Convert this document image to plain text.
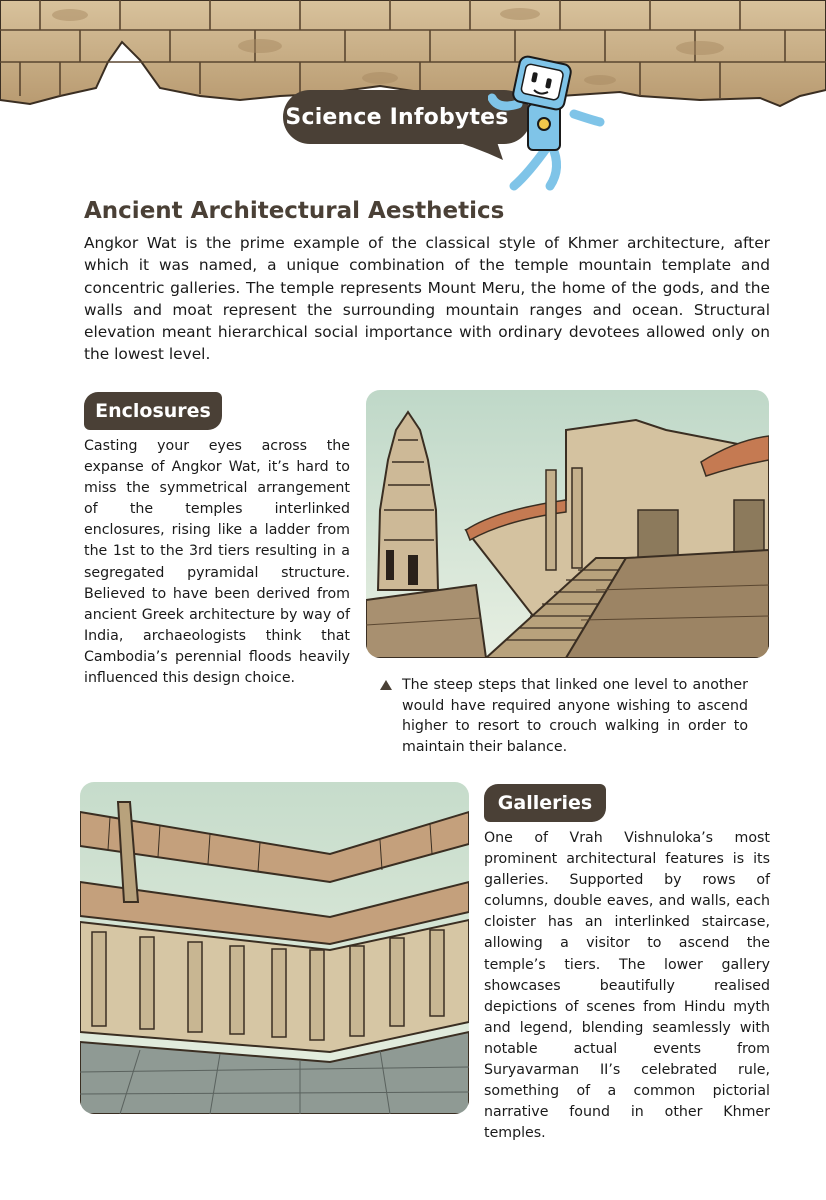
Science Infobytes
Ancient Architectural Aesthetics

Angkor Wat is the prime example of the classical style of Khmer architecture, after which it was named, a unique combination of the temple mountain template and concentric galleries. The temple represents Mount Meru, the home of the gods, and the walls and moat represent the surrounding mountain ranges and ocean. Structural elevation meant hierarchical social importance with ordinary devotees allowed only on the lowest level.

Enclosures

Casting your eyes across the expanse of Angkor Wat, it’s hard to miss the symmetrical arrangement of the temples interlinked enclosures, rising like a ladder from the 1st to the 3rd tiers resulting in a segregated pyramidal structure. Believed to have been derived from ancient Greek architecture by way of India, archaeologists think that Cambodia’s perennial floods heavily influenced this design choice.	The steep steps that linked one level to another would have required anyone wishing to ascend higher to resort to crouch walking in order to maintain their balance.

Galleries

One of Vrah Vishnuloka’s most prominent architectural features is its galleries. Supported by rows of columns, double eaves, and walls, each cloister has an interlinked staircase, allowing a visitor to ascend the temple’s tiers. The lower gallery showcases beautifully realised depictions of scenes from Hindu myth and legend, blending seamlessly with notable actual events from Suryavarman II’s celebrated rule, something of a common pictorial narrative found in other Khmer temples.
